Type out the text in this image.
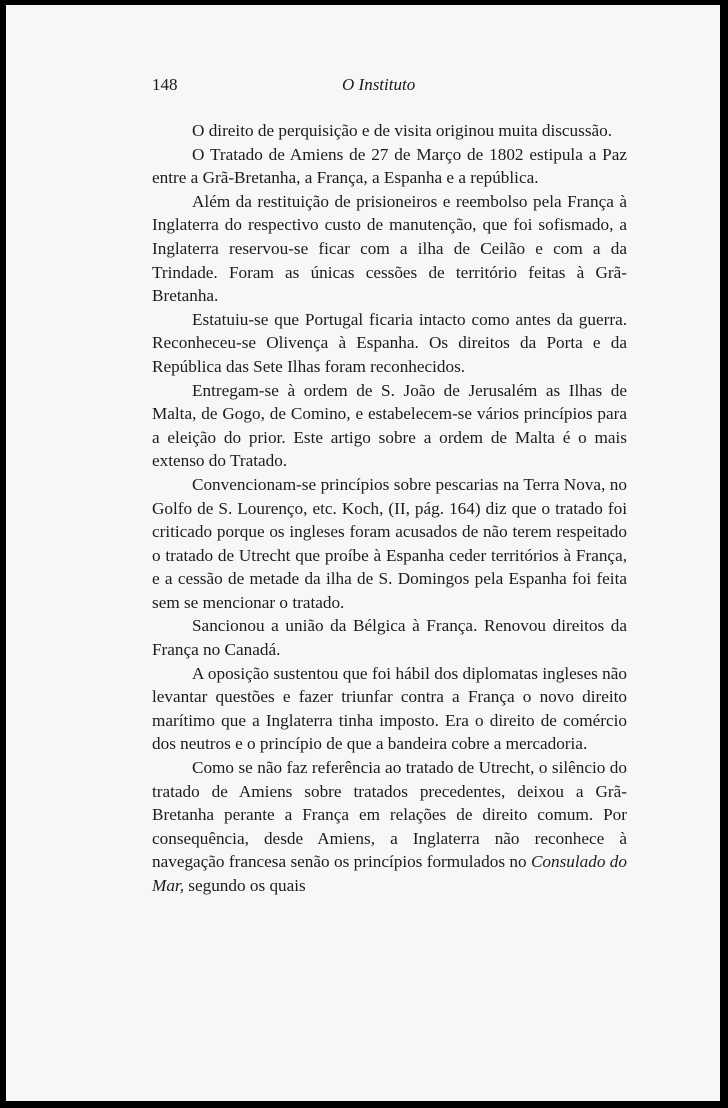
148	O Instituto

O direito de perquisição e de visita originou muita discussão.

O Tratado de Amiens de 27 de Março de 1802 estipula a Paz entre a Grã-Bretanha, a França, a Espanha e a república.

Além da restituição de prisioneiros e reembolso pela França à Inglaterra do respectivo custo de manutenção, que foi sofismado, a Inglaterra reservou-se ficar com a ilha de Ceilão e com a da Trindade. Foram as únicas cessões de território feitas à Grã-Bretanha.

Estatuiu-se que Portugal ficaria intacto como antes da guerra. Reconheceu-se Olivença à Espanha. Os direitos da Porta e da República das Sete Ilhas foram reconhecidos.

Entregam-se à ordem de S. João de Jerusalém as Ilhas de Malta, de Gogo, de Comino, e estabelecem-se vários princípios para a eleição do prior. Este artigo sobre a ordem de Malta é o mais extenso do Tratado.

Convencionam-se princípios sobre pescarias na Terra Nova, no Golfo de S. Lourenço, etc. Koch, (II, pág. 164) diz que o tratado foi criticado porque os ingleses foram acusados de não terem respeitado o tratado de Utrecht que proíbe à Espanha ceder territórios à França, e a cessão de metade da ilha de S. Domingos pela Espanha foi feita sem se mencionar o tratado.

Sancionou a união da Bélgica à França. Renovou direitos da França no Canadá.

A oposição sustentou que foi hábil dos diplomatas ingleses não levantar questões e fazer triunfar contra a França o novo direito marítimo que a Inglaterra tinha imposto. Era o direito de comércio dos neutros e o princípio de que a bandeira cobre a mercadoria.

Como se não faz referência ao tratado de Utrecht, o silêncio do tratado de Amiens sobre tratados precedentes, deixou a Grã-Bretanha perante a França em relações de direito comum. Por consequência, desde Amiens, a Inglaterra não reconhece à navegação francesa senão os princípios formulados no Consulado do Mar, segundo os quais
